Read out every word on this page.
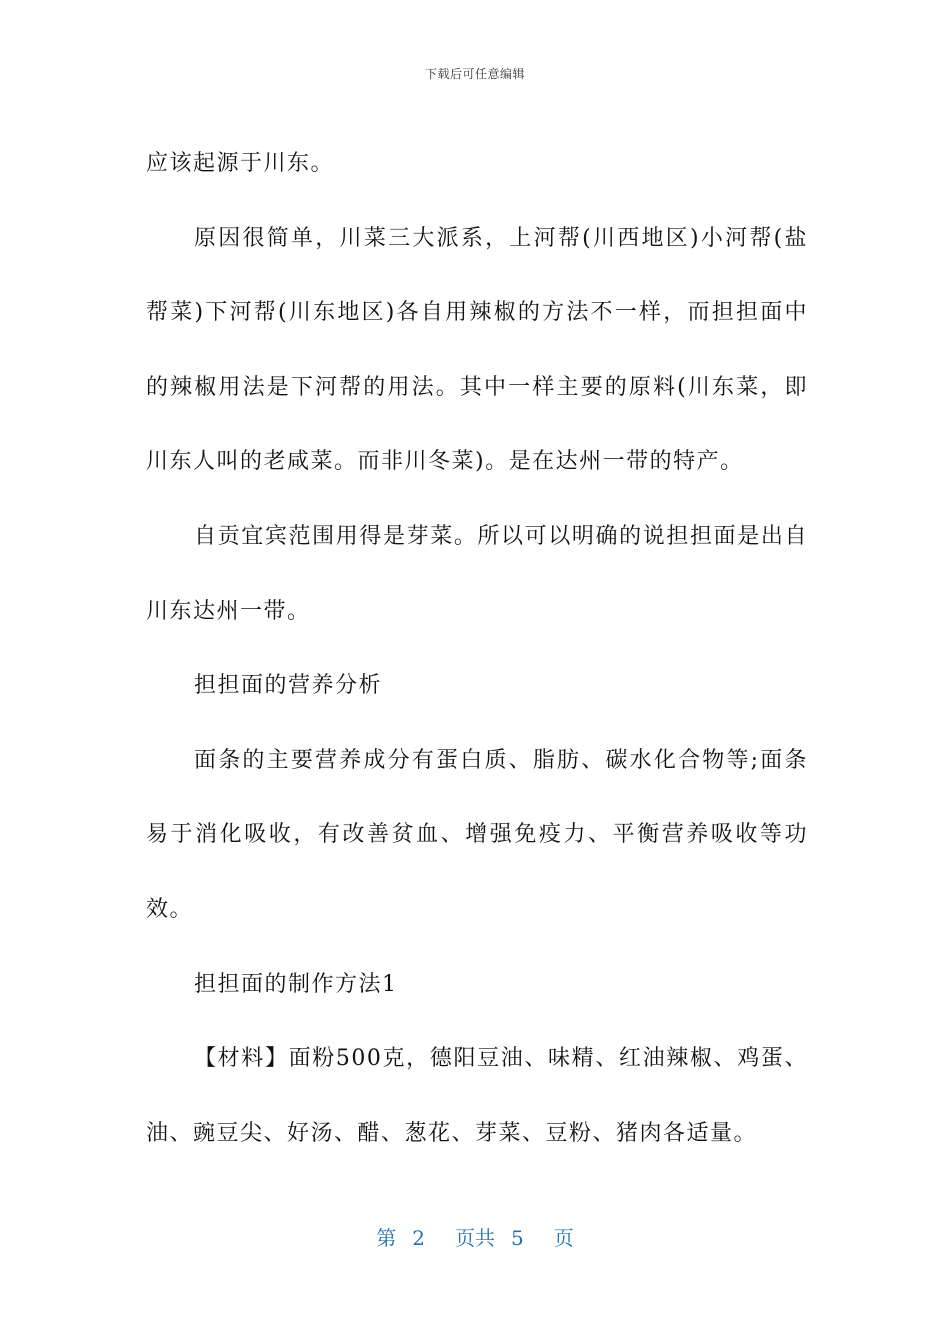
下载后可任意编辑

应该起源于川东。

原因很简单，川菜三大派系，上河帮(川西地区)小河帮(盐帮菜)下河帮(川东地区)各自用辣椒的方法不一样，而担担面中的辣椒用法是下河帮的用法。其中一样主要的原料(川东菜，即川东人叫的老咸菜。而非川冬菜)。是在达州一带的特产。

自贡宜宾范围用得是芽菜。所以可以明确的说担担面是出自川东达州一带。

担担面的营养分析

面条的主要营养成分有蛋白质、脂肪、碳水化合物等;面条易于消化吸收，有改善贫血、增强免疫力、平衡营养吸收等功效。

担担面的制作方法1

【材料】面粉500克，德阳豆油、味精、红油辣椒、鸡蛋、油、豌豆尖、好汤、醋、葱花、芽菜、豆粉、猪肉各适量。

第 2 页共 5 页
